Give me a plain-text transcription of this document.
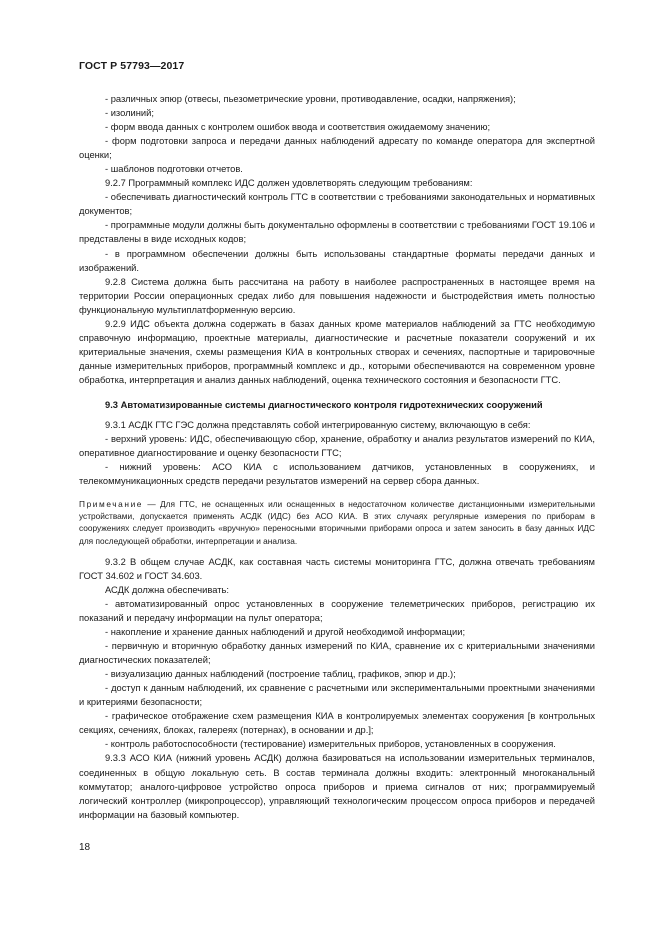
ГОСТ Р 57793—2017

- различных эпюр (отвесы, пьезометрические уровни, противодавление, осадки, напряжения);

- изолиний;

- форм ввода данных с контролем ошибок ввода и соответствия ожидаемому значению;

- форм подготовки запроса и передачи данных наблюдений адресату по команде оператора для экспертной оценки;

- шаблонов подготовки отчетов.

9.2.7 Программный комплекс ИДС должен удовлетворять следующим требованиям:

- обеспечивать диагностический контроль ГТС в соответствии с требованиями законодательных и нормативных документов;

- программные модули должны быть документально оформлены в соответствии с требованиями ГОСТ 19.106 и представлены в виде исходных кодов;

- в программном обеспечении должны быть использованы стандартные форматы передачи данных и изображений.

9.2.8 Система должна быть рассчитана на работу в наиболее распространенных в настоящее время на территории России операционных средах либо для повышения надежности и быстродействия иметь полностью функциональную мультиплатформенную версию.

9.2.9 ИДС объекта должна содержать в базах данных кроме материалов наблюдений за ГТС необходимую справочную информацию, проектные материалы, диагностические и расчетные показатели сооружений и их критериальные значения, схемы размещения КИА в контрольных створах и сечениях, паспортные и тарировочные данные измерительных приборов, программный комплекс и др., которыми обеспечиваются на современном уровне обработка, интерпретация и анализ данных наблюдений, оценка технического состояния и безопасности ГТС.

9.3 Автоматизированные системы диагностического контроля гидротехнических сооружений

9.3.1 АСДК ГТС ГЭС должна представлять собой интегрированную систему, включающую в себя:

- верхний уровень: ИДС, обеспечивающую сбор, хранение, обработку и анализ результатов измерений по КИА, оперативное диагностирование и оценку безопасности ГТС;

- нижний уровень: АСО КИА с использованием датчиков, установленных в сооружениях, и телекоммуникационных средств передачи результатов измерений на сервер сбора данных.

Примечание — Для ГТС, не оснащенных или оснащенных в недостаточном количестве дистанционными измерительными устройствами, допускается применять АСДК (ИДС) без АСО КИА. В этих случаях регулярные измерения по приборам в сооружениях следует производить «вручную» переносными вторичными приборами опроса и затем заносить в базу данных ИДС для последующей обработки, интерпретации и анализа.

9.3.2 В общем случае АСДК, как составная часть системы мониторинга ГТС, должна отвечать требованиям ГОСТ 34.602 и ГОСТ 34.603.

АСДК должна обеспечивать:

- автоматизированный опрос установленных в сооружение телеметрических приборов, регистрацию их показаний и передачу информации на пульт оператора;

- накопление и хранение данных наблюдений и другой необходимой информации;

- первичную и вторичную обработку данных измерений по КИА, сравнение их с критериальными значениями диагностических показателей;

- визуализацию данных наблюдений (построение таблиц, графиков, эпюр и др.);

- доступ к данным наблюдений, их сравнение с расчетными или экспериментальными проектными значениями и критериями безопасности;

- графическое отображение схем размещения КИА в контролируемых элементах сооружения [в контрольных секциях, сечениях, блоках, галереях (потернах), в основании и др.];

- контроль работоспособности (тестирование) измерительных приборов, установленных в сооружения.

9.3.3 АСО КИА (нижний уровень АСДК) должна базироваться на использовании измерительных терминалов, соединенных в общую локальную сеть. В состав терминала должны входить: электронный многоканальный коммутатор; аналого-цифровое устройство опроса приборов и приема сигналов от них; программируемый логический контроллер (микропроцессор), управляющий технологическим процессом опроса приборов и передачей информации на базовый компьютер.

18
